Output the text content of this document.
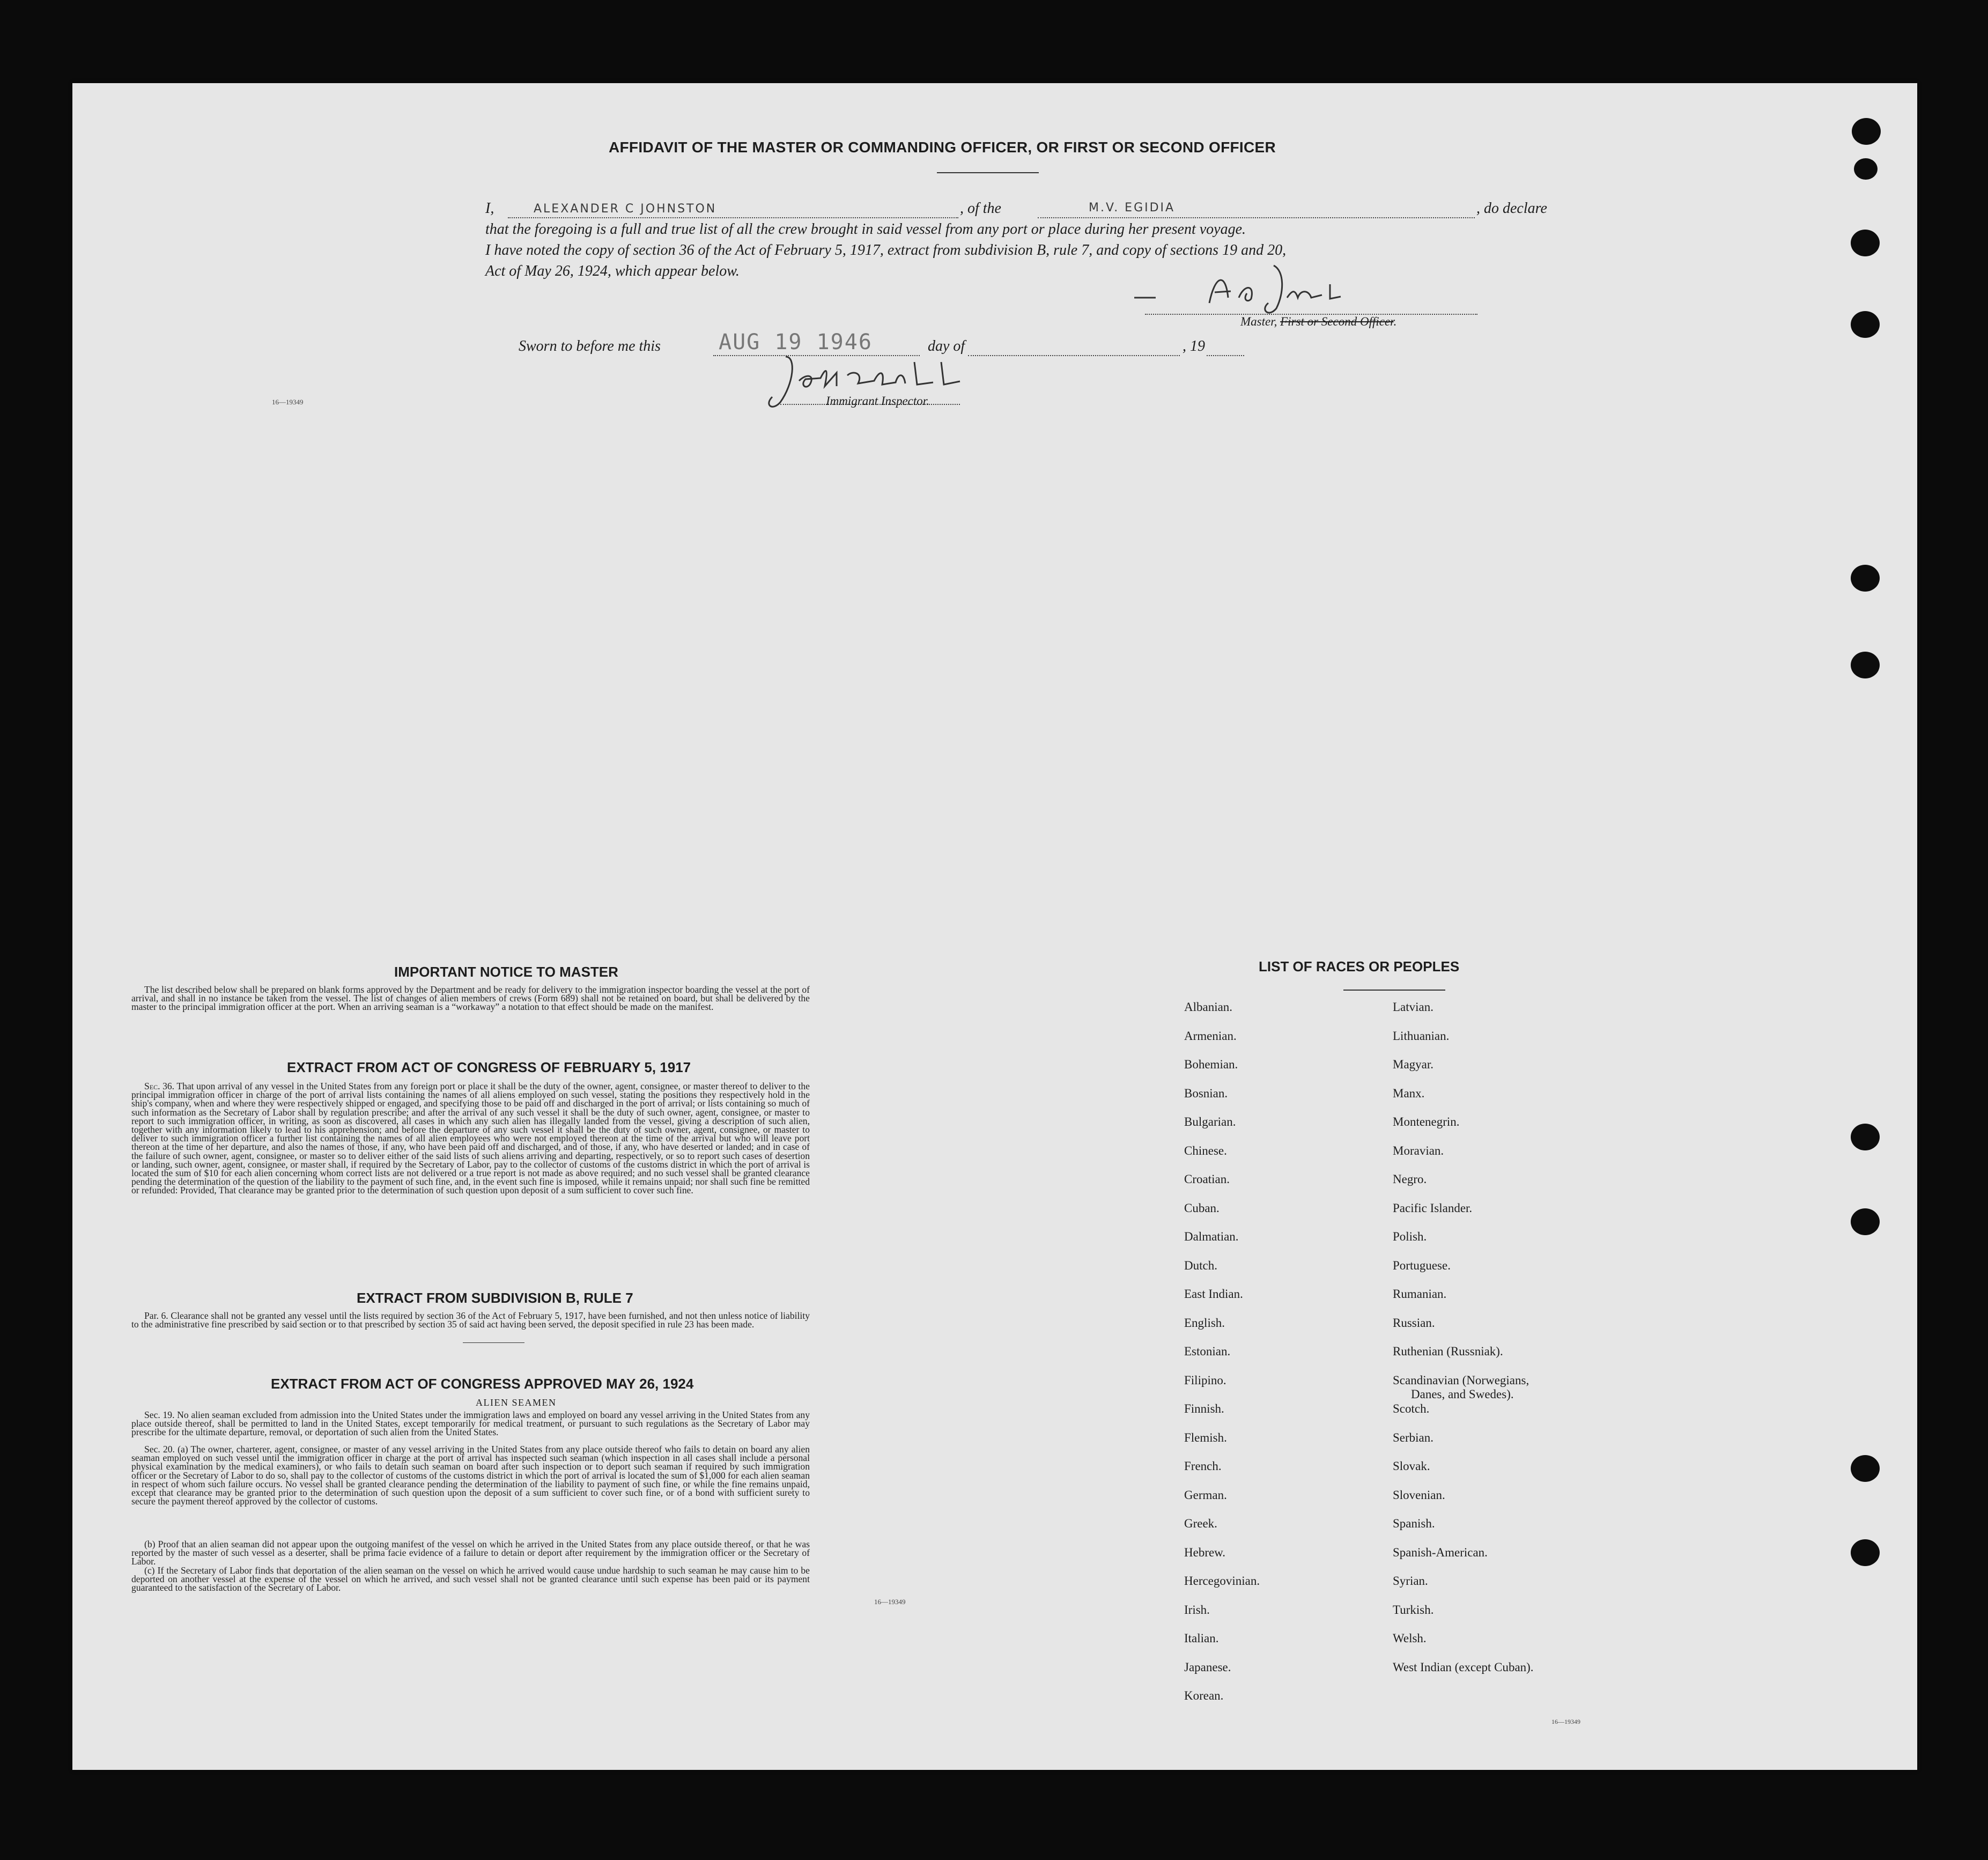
AFFIDAVIT OF THE MASTER OR COMMANDING OFFICER, OR FIRST OR SECOND OFFICER
I,	ALEXANDER C JOHNSTON	, of the	M.V. EGIDIA	, do declare
that the foregoing is a full and true list of all the crew brought in said vessel from any port or place during her present voyage.
I have noted the copy of section 36 of the Act of February 5, 1917, extract from subdivision B, rule 7, and copy of sections 19 and 20,
Act of May 26, 1924, which appear below.
Master, First or Second Officer.
Sworn to before me this	AUG 19 1946	day of	, 19
16—19349	Immigrant Inspector.
IMPORTANT NOTICE TO MASTER
The list described below shall be prepared on blank forms approved by the Department and be ready for delivery to the immigration inspector boarding the vessel at the port of arrival, and shall in no instance be taken from the vessel. The list of changes of alien members of crews (Form 689) shall not be retained on board, but shall be delivered by the master to the principal immigration officer at the port. When an arriving seaman is a “workaway” a notation to that effect should be made on the manifest.
EXTRACT FROM ACT OF CONGRESS OF FEBRUARY 5, 1917
Sec. 36. That upon arrival of any vessel in the United States from any foreign port or place it shall be the duty of the owner, agent, consignee, or master thereof to deliver to the principal immigration officer in charge of the port of arrival lists containing the names of all aliens employed on such vessel, stating the positions they respectively hold in the ship's company, when and where they were respectively shipped or engaged, and specifying those to be paid off and discharged in the port of arrival; or lists containing so much of such information as the Secretary of Labor shall by regulation prescribe; and after the arrival of any such vessel it shall be the duty of such owner, agent, consignee, or master to report to such immigration officer, in writing, as soon as discovered, all cases in which any such alien has illegally landed from the vessel, giving a description of such alien, together with any information likely to lead to his apprehension; and before the departure of any such vessel it shall be the duty of such owner, agent, consignee, or master to deliver to such immigration officer a further list containing the names of all alien employees who were not employed thereon at the time of the arrival but who will leave port thereon at the time of her departure, and also the names of those, if any, who have been paid off and discharged, and of those, if any, who have deserted or landed; and in case of the failure of such owner, agent, consignee, or master so to deliver either of the said lists of such aliens arriving and departing, respectively, or so to report such cases of desertion or landing, such owner, agent, consignee, or master shall, if required by the Secretary of Labor, pay to the collector of customs of the customs district in which the port of arrival is located the sum of $10 for each alien concerning whom correct lists are not delivered or a true report is not made as above required; and no such vessel shall be granted clearance pending the determination of the question of the liability to the payment of such fine, and, in the event such fine is imposed, while it remains unpaid; nor shall such fine be remitted or refunded: Provided, That clearance may be granted prior to the determination of such question upon deposit of a sum sufficient to cover such fine.
EXTRACT FROM SUBDIVISION B, RULE 7
Par. 6. Clearance shall not be granted any vessel until the lists required by section 36 of the Act of February 5, 1917, have been furnished, and not then unless notice of liability to the administrative fine prescribed by said section or to that prescribed by section 35 of said act having been served, the deposit specified in rule 23 has been made.
EXTRACT FROM ACT OF CONGRESS APPROVED MAY 26, 1924
ALIEN SEAMEN
Sec. 19. No alien seaman excluded from admission into the United States under the immigration laws and employed on board any vessel arriving in the United States from any place outside thereof, shall be permitted to land in the United States, except temporarily for medical treatment, or pursuant to such regulations as the Secretary of Labor may prescribe for the ultimate departure, removal, or deportation of such alien from the United States.
Sec. 20. (a) The owner, charterer, agent, consignee, or master of any vessel arriving in the United States from any place outside thereof who fails to detain on board any alien seaman employed on such vessel until the immigration officer in charge at the port of arrival has inspected such seaman (which inspection in all cases shall include a personal physical examination by the medical examiners), or who fails to detain such seaman on board after such inspection or to deport such seaman if required by such immigration officer or the Secretary of Labor to do so, shall pay to the collector of customs of the customs district in which the port of arrival is located the sum of $1,000 for each alien seaman in respect of whom such failure occurs. No vessel shall be granted clearance pending the determination of the liability to payment of such fine, or while the fine remains unpaid, except that clearance may be granted prior to the determination of such question upon the deposit of a sum sufficient to cover such fine, or of a bond with sufficient surety to secure the payment thereof approved by the collector of customs.
(b) Proof that an alien seaman did not appear upon the outgoing manifest of the vessel on which he arrived in the United States from any place outside thereof, or that he was reported by the master of such vessel as a deserter, shall be prima facie evidence of a failure to detain or deport after requirement by the immigration officer or the Secretary of Labor.
(c) If the Secretary of Labor finds that deportation of the alien seaman on the vessel on which he arrived would cause undue hardship to such seaman he may cause him to be deported on another vessel at the expense of the vessel on which he arrived, and such vessel shall not be granted clearance until such expense has been paid or its payment guaranteed to the satisfaction of the Secretary of Labor.
16—19349
LIST OF RACES OR PEOPLES
Albanian.
Armenian.
Bohemian.
Bosnian.
Bulgarian.
Chinese.
Croatian.
Cuban.
Dalmatian.
Dutch.
East Indian.
English.
Estonian.
Filipino.
Finnish.
Flemish.
French.
German.
Greek.
Hebrew.
Hercegovinian.
Irish.
Italian.
Japanese.
Korean.
Latvian.
Lithuanian.
Magyar.
Manx.
Montenegrin.
Moravian.
Negro.
Pacific Islander.
Polish.
Portuguese.
Rumanian.
Russian.
Ruthenian (Russniak).
Scandinavian (Norwegians,
Danes, and Swedes).
Scotch.
Serbian.
Slovak.
Slovenian.
Spanish.
Spanish-American.
Syrian.
Turkish.
Welsh.
West Indian (except Cuban).
16—19349
